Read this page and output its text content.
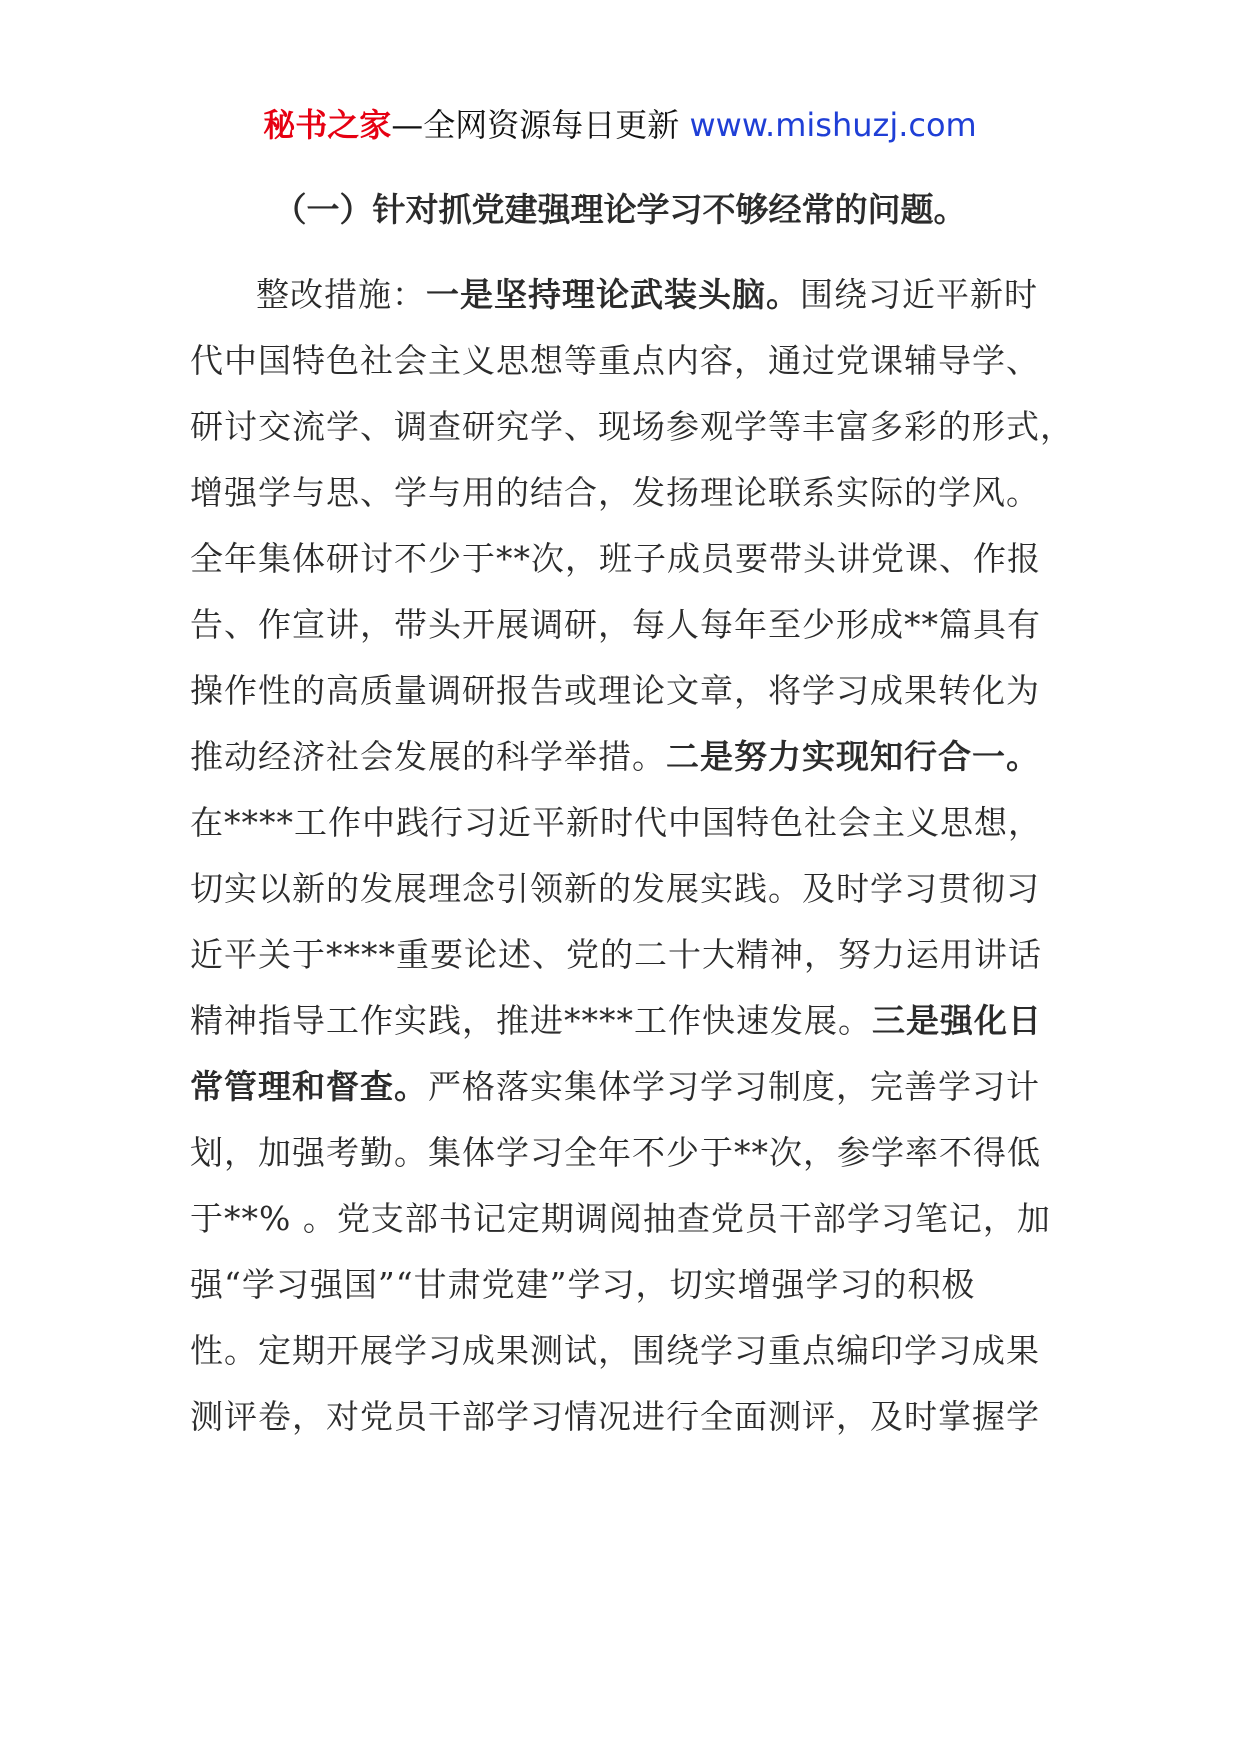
秘书之家—全网资源每日更新 www.mishuzj.com
（一）针对抓党建强理论学习不够经常的问题。
整改措施：一是坚持理论武装头脑。围绕习近平新时
代中国特色社会主义思想等重点内容，通过党课辅导学、
研讨交流学、调查研究学、现场参观学等丰富多彩的形式，
增强学与思、学与用的结合，发扬理论联系实际的学风。
全年集体研讨不少于**次，班子成员要带头讲党课、作报
告、作宣讲，带头开展调研，每人每年至少形成**篇具有
操作性的高质量调研报告或理论文章，将学习成果转化为
推动经济社会发展的科学举措。二是努力实现知行合一。
在****工作中践行习近平新时代中国特色社会主义思想，
切实以新的发展理念引领新的发展实践。及时学习贯彻习
近平关于****重要论述、党的二十大精神，努力运用讲话
精神指导工作实践，推进****工作快速发展。三是强化日
常管理和督查。严格落实集体学习学习制度，完善学习计
划，加强考勤。集体学习全年不少于**次，参学率不得低
于**% 。党支部书记定期调阅抽查党员干部学习笔记，加
强“学习强国”“甘肃党建”学习，切实增强学习的积极
性。定期开展学习成果测试，围绕学习重点编印学习成果
测评卷，对党员干部学习情况进行全面测评，及时掌握学
